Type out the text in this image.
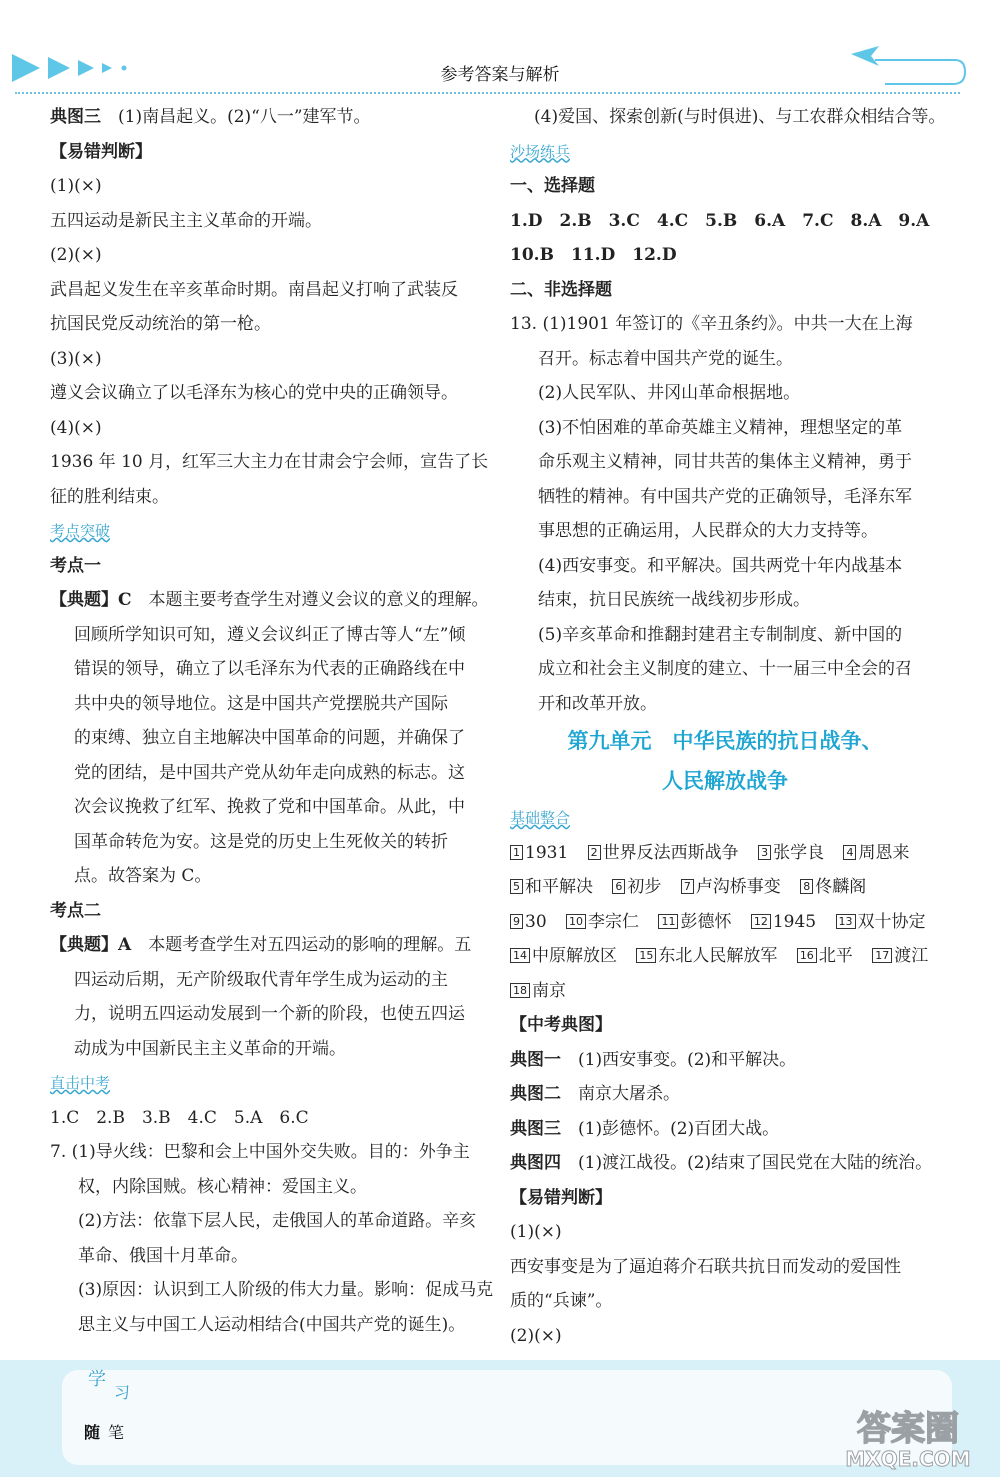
参考答案与解析
典图三　(1)南昌起义。(2)“八一”建军节。
【易错判断】
(1)(×)
五四运动是新民主主义革命的开端。
(2)(×)
武昌起义发生在辛亥革命时期。南昌起义打响了武装反
抗国民党反动统治的第一枪。
(3)(×)
遵义会议确立了以毛泽东为核心的党中央的正确领导。
(4)(×)
1936 年 10 月，红军三大主力在甘肃会宁会师，宣告了长
征的胜利结束。
考点突破
考点一
【典题】C　本题主要考查学生对遵义会议的意义的理解。
回顾所学知识可知，遵义会议纠正了博古等人“左”倾
错误的领导，确立了以毛泽东为代表的正确路线在中
共中央的领导地位。这是中国共产党摆脱共产国际
的束缚、独立自主地解决中国革命的问题，并确保了
党的团结，是中国共产党从幼年走向成熟的标志。这
次会议挽救了红军、挽救了党和中国革命。从此，中
国革命转危为安。这是党的历史上生死攸关的转折
点。故答案为 C。
考点二
【典题】A　本题考查学生对五四运动的影响的理解。五
四运动后期，无产阶级取代青年学生成为运动的主
力，说明五四运动发展到一个新的阶段，也使五四运
动成为中国新民主主义革命的开端。
直击中考
1.C　2.B　3.B　4.C　5.A　6.C
7. (1)导火线：巴黎和会上中国外交失败。目的：外争主
权，内除国贼。核心精神：爱国主义。
(2)方法：依靠下层人民，走俄国人的革命道路。辛亥
革命、俄国十月革命。
(3)原因：认识到工人阶级的伟大力量。影响：促成马克
思主义与中国工人运动相结合(中国共产党的诞生)。
(4)爱国、探索创新(与时俱进)、与工农群众相结合等。
沙场练兵
一、选择题
1.D　2.B　3.C　4.C　5.B　6.A　7.C　8.A　9.A
10.B　11.D　12.D
二、非选择题
13. (1)1901 年签订的《辛丑条约》。中共一大在上海
召开。标志着中国共产党的诞生。
(2)人民军队、井冈山革命根据地。
(3)不怕困难的革命英雄主义精神，理想坚定的革
命乐观主义精神，同甘共苦的集体主义精神，勇于
牺牲的精神。有中国共产党的正确领导，毛泽东军
事思想的正确运用，人民群众的大力支持等。
(4)西安事变。和平解决。国共两党十年内战基本
结束，抗日民族统一战线初步形成。
(5)辛亥革命和推翻封建君主专制制度、新中国的
成立和社会主义制度的建立、十一届三中全会的召
开和改革开放。
第九单元　中华民族的抗日战争、
人民解放战争
基础整合
1 1931 2 世界反法西斯战争 3 张学良 4 周恩来
5 和平解决 6 初步 7 卢沟桥事变 8 佟麟阁
9 30 10 李宗仁 11 彭德怀 12 1945 13 双十协定
14 中原解放区 15 东北人民解放军 16 北平 17 渡江
18 南京
【中考典图】
典图一　(1)西安事变。(2)和平解决。
典图二　南京大屠杀。
典图三　(1)彭德怀。(2)百团大战。
典图四　(1)渡江战役。(2)结束了国民党在大陆的统治。
【易错判断】
(1)(×)
西安事变是为了逼迫蒋介石联共抗日而发动的爱国性
质的“兵谏”。
(2)(×)
学
习
随 笔	答案圈
MXQE.COM
